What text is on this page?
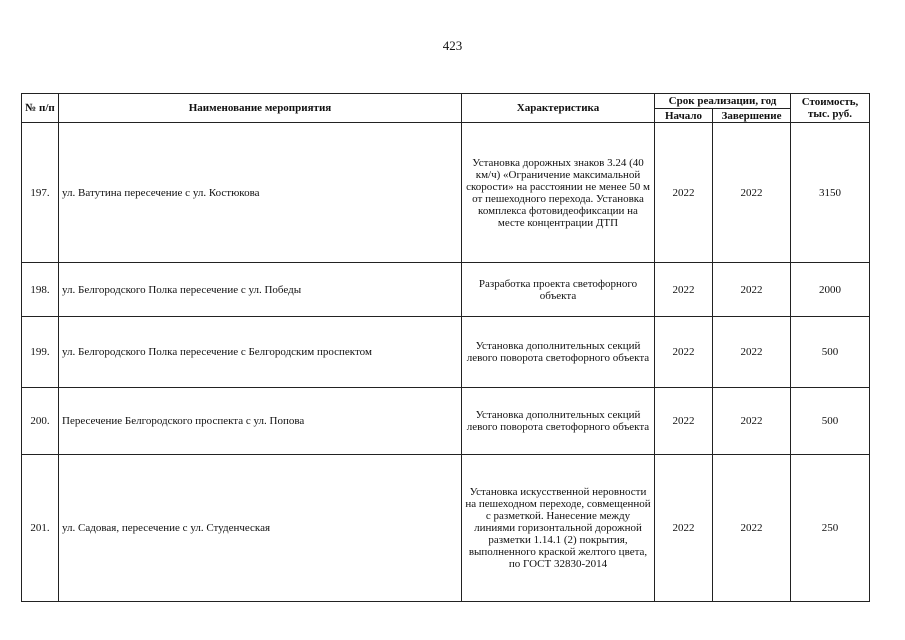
423
№ п/п	Наименование мероприятия	Характеристика	Срок реализации, год		Стоимость, тыс. руб.
			Начало	Завершение	
197.	ул. Ватутина пересечение с ул. Костюкова	Установка дорожных знаков 3.24 (40 км/ч) «Ограничение максимальной скорости» на расстоянии не менее 50 м от пешеходного перехода. Установка комплекса фотовидеофиксации на месте концентрации ДТП	2022	2022	3150
198.	ул. Белгородского Полка пересечение с ул. Победы	Разработка проекта светофорного объекта	2022	2022	2000
199.	ул. Белгородского Полка пересечение с Белгородским проспектом	Установка дополнительных секций левого поворота светофорного объекта	2022	2022	500
200.	Пересечение Белгородского проспекта с ул. Попова	Установка дополнительных секций левого поворота светофорного объекта	2022	2022	500
201.	ул. Садовая, пересечение с ул. Студенческая	Установка искусственной неровности на пешеходном переходе, совмещенной с разметкой. Нанесение между линиями горизонтальной дорожной разметки 1.14.1 (2) покрытия, выполненного краской желтого цвета, по ГОСТ 32830-2014	2022	2022	250
